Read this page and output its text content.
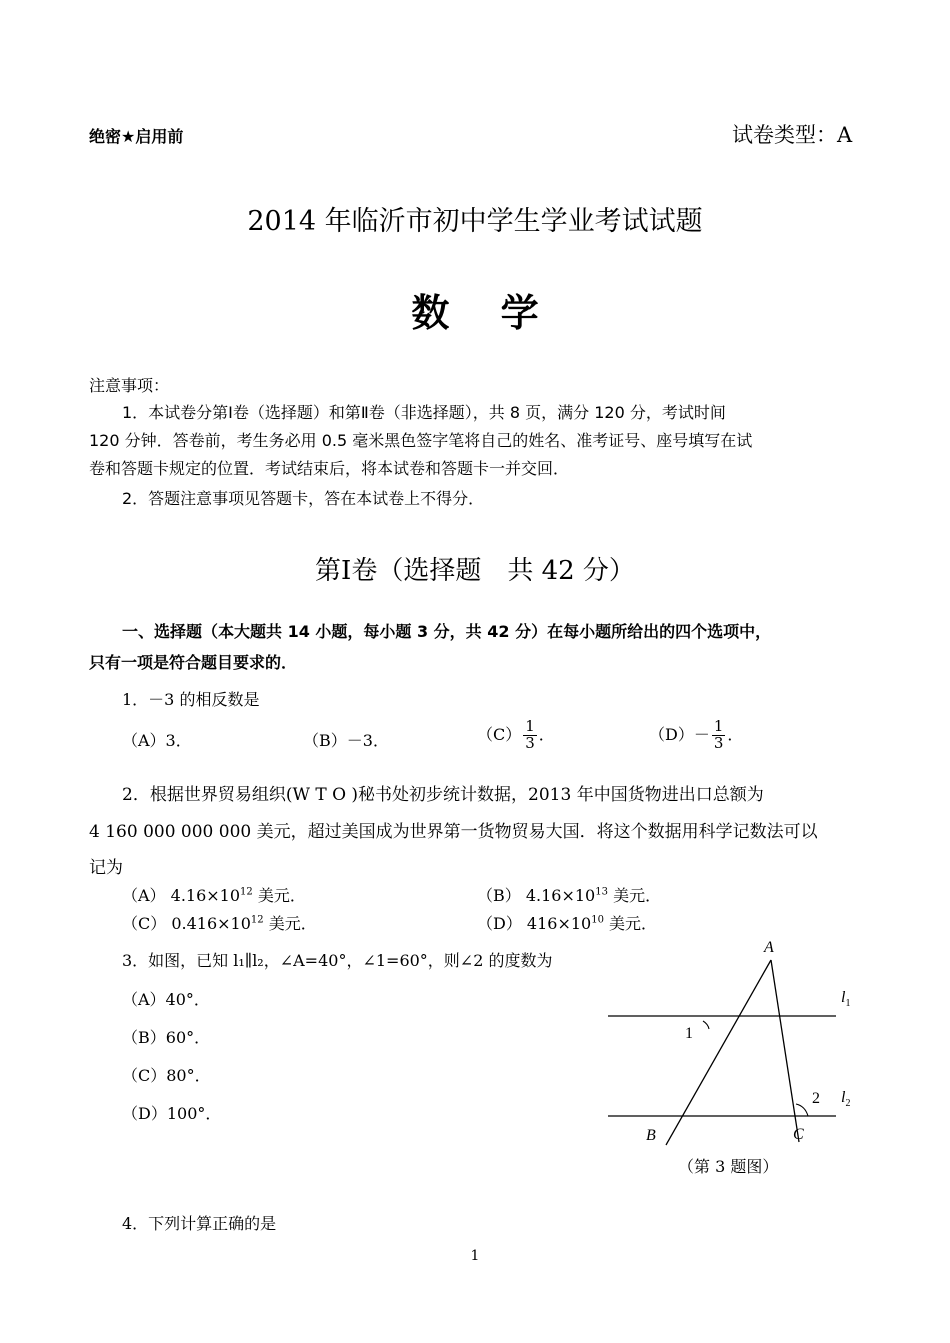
绝密★启用前	试卷类型：A
2014 年临沂市初中学生学业考试试题
数 学
注意事项：
1．本试卷分第Ⅰ卷（选择题）和第Ⅱ卷（非选择题），共 8 页，满分 120 分，考试时间
120 分钟．答卷前，考生务必用 0.5 毫米黑色签字笔将自己的姓名、准考证号、座号填写在试
卷和答题卡规定的位置．考试结束后，将本试卷和答题卡一并交回．
2．答题注意事项见答题卡，答在本试卷上不得分．
第Ⅰ卷（选择题　共 42 分）
一、选择题（本大题共 14 小题，每小题 3 分，共 42 分）在每小题所给出的四个选项中，
只有一项是符合题目要求的．
1．－3 的相反数是
（A）3．	（B）－3．	$(C) \frac{1}{3}$ ．	$(D)- \frac{1}{3}$ ．
2．根据世界贸易组织(W T O )秘书处初步统计数据，2013 年中国货物进出口总额为
4 160 000 000 000 美元，超过美国成为世界第一货物贸易大国．将这个数据用科学记数法可以
记为
（A） $4.16\times 10^{12}$ 美元．	（B） $4.16\times 10^{13}$ 美元．
（C） $0.416\times 10^{12}$ 美元．	（D） $416\times 10^{10}$ 美元．
3．如图，已知 l₁∥l₂，∠A=40°，∠1=60°，则∠2 的度数为
（A）40°．
（B）60°．
（C）80°．
（D）100°．
A
B	C
$l_1$
$l_2$
1
2
（第 3 题图）
4．下列计算正确的是
1
